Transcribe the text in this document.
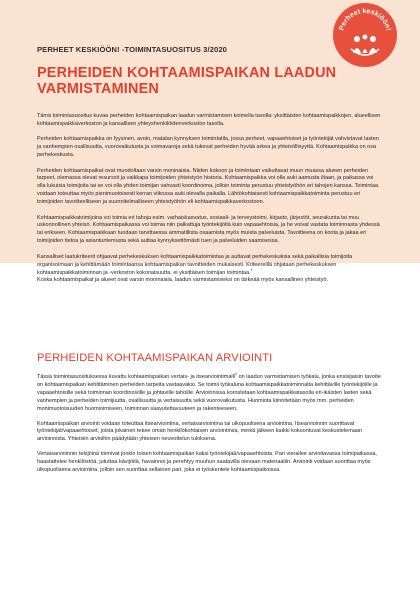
Perheet keskiöön!
PERHEET KESKIÖÖN! -TOIMINTASUOSITUS 3/2020
PERHEIDEN KOHTAAMISPAIKAN LAADUN
VARMISTAMINEN

Tämä toimintasuositus kuvaa perheiden kohtaamispaikan laadun varmistamisen koimella tasolla: yksittäisten kohtaamispaikkojen, alueellisen kohtaamispaikkaverkoston ja kansallisen yhteyshenkilöidenverkoston tasolla.

Perheiden kohtaamispaikka on fyysinen, avoin, matalan kynnyksen toimintatila, jossa perheet, vapaaehtoiset ja työntekijät vahvistavat lasten ja vanhempien osallisuutta, vuorovaikutusta ja voimavaroja sekä tukevat perheiden hyvää arkea ja yhteisöllisyyttä. Kohtaamispaikka on osa perhekeskusta.

Perheiden kohtaamispaikat ovat muodoltaan varsin moninaisia. Niiden kokoon ja toimintaan vaikuttavat muun muassa alueen perheiden tarpeet, olemassa olevat resurssit ja vaikkapa toimijoiden yhteistyön historia. Kohtaamispaikka voi olla auki aamusta iltaan, ja paikassa voi olla lukuisia toimijoita tai se voi olla yhden toimijan vahvasti koordinoima, jolloin toiminta perustuu yhteistyöhön eri tahojen kanssa. Toimintaa voidaan toteuttaa myös pienimuotoisesti kerran viikossa auki olevalla paikalla. Lähtökohtaisesti kohtaamispaikkatoiminta perustuu eri toimijoiden tavoitteelliseen ja suunnitelmalliseen yhteistyöhön eli kohtaamispaikkaverkostoon.

Kohtaamispaikkatoimijoina voi toimia eri tahoja esim. varhaiskasvatus, sosiaali- ja terveystoimi, kirjasto, järjestöt, seurakunta tai muu uskonnollinen yhteisö. Kohtaamispaikassa voi toimia niin palkattuja työntekijöitä kuin vapaaehtoisia, ja he voivat vastata toiminnasta yhdessä tai erikseen. Kohtaamispaikkaan tuodaan tarvittaessa ammatillista osaamista myös muista palveluista. Tavoitteena on koota ja jakaa eri toimijoiden tietoa ja asiantuntemusta sekä auttaa kynnyksettömästi tuen ja palveluiden saamisessa.

Kansalliset laatukriteerit ohjaavat perhekeskuksen kohtaamispaikkatoimintaa ja auttavat perhekeskuksia sekä paikallisia toimijoita organisoimaan ja kehittämään toimintaansa kohtaamispaikan tavoitteiden mukaisesti. Kriteereillä ohjataan perhekeskuksen kohtaamispaikkatoiminnan ja -verkoston kokonaisuutta, ei yksittäisen toimijan toimintaa.$^1$

Koska kohtaamispaikat ja alueet ovat varsin moninaisia, laadun varmistamiseksi on tärkeää myös kansallinen yhteistyö.

PERHEIDEN KOHTAAMISPAIKAN ARVIOINTI

Tässä toimintasuosituksessa kuvattu kohtaamispaikan vertais- ja itsearviointimalli$^2$ on laadun varmistamisen työkalu, jonka ensisijaisin tavoite on kohtaamispaikan kehittäminen perheiden tarpeita vastaavaksi. Se toimii työkaluna kohtaamispaikkatoiminnalta kehittäville työntekijöille ja vapaaehtoisille sekä toiminnan koordinoiville ja johtaville tahoille. Arvioinnissa korostetaan kohtaamispaikkatasolla eri-ikäisten lasten sekä vanhempien ja perheiden toimijuutta, osallisuutta ja vertaisuutta sekä vuorovaikutusta. Huomiota kiinnitetään myös mm. perheiden monimuotoisuuden huomioimiseen, toiminnan saavutettavuuteen ja rakenteeseen.

Kohtaamispaikan arviointi voidaan toteuttaa itsearviointina, vertaisarviointina tai ulkopuolisena arviointina. Itsearvioinnin suorittavat työntekijät/vapaaehtoiset, joista jokainen tekee oman henkilökohtaisen arviointinsa, minkä jälkeen kaikki kokoontuvat keskustelemaan arvioinnista. Yhteisiin arvioihin päädytään yhteisen neuvottelun tuloksena.

Vertaisarvioinnin tekijöinä toimivat jonkin toisen kohtaamispaikan kaksi työntekijää/vapaaehtoista. Pari vierailee arvioitavassa toimipaikassa, haastattelee henkilöstöä, jututtaa kävijöitä, havainnoi ja perehtyy muuhun saatavilla olevaan materiaaliin. Arviointi voidaan suorittaa myös ulkopuolisena arviointina, jolloin sen suorittaa sellainen pari, joka ei työskentele kohtaamispaikoissa.
